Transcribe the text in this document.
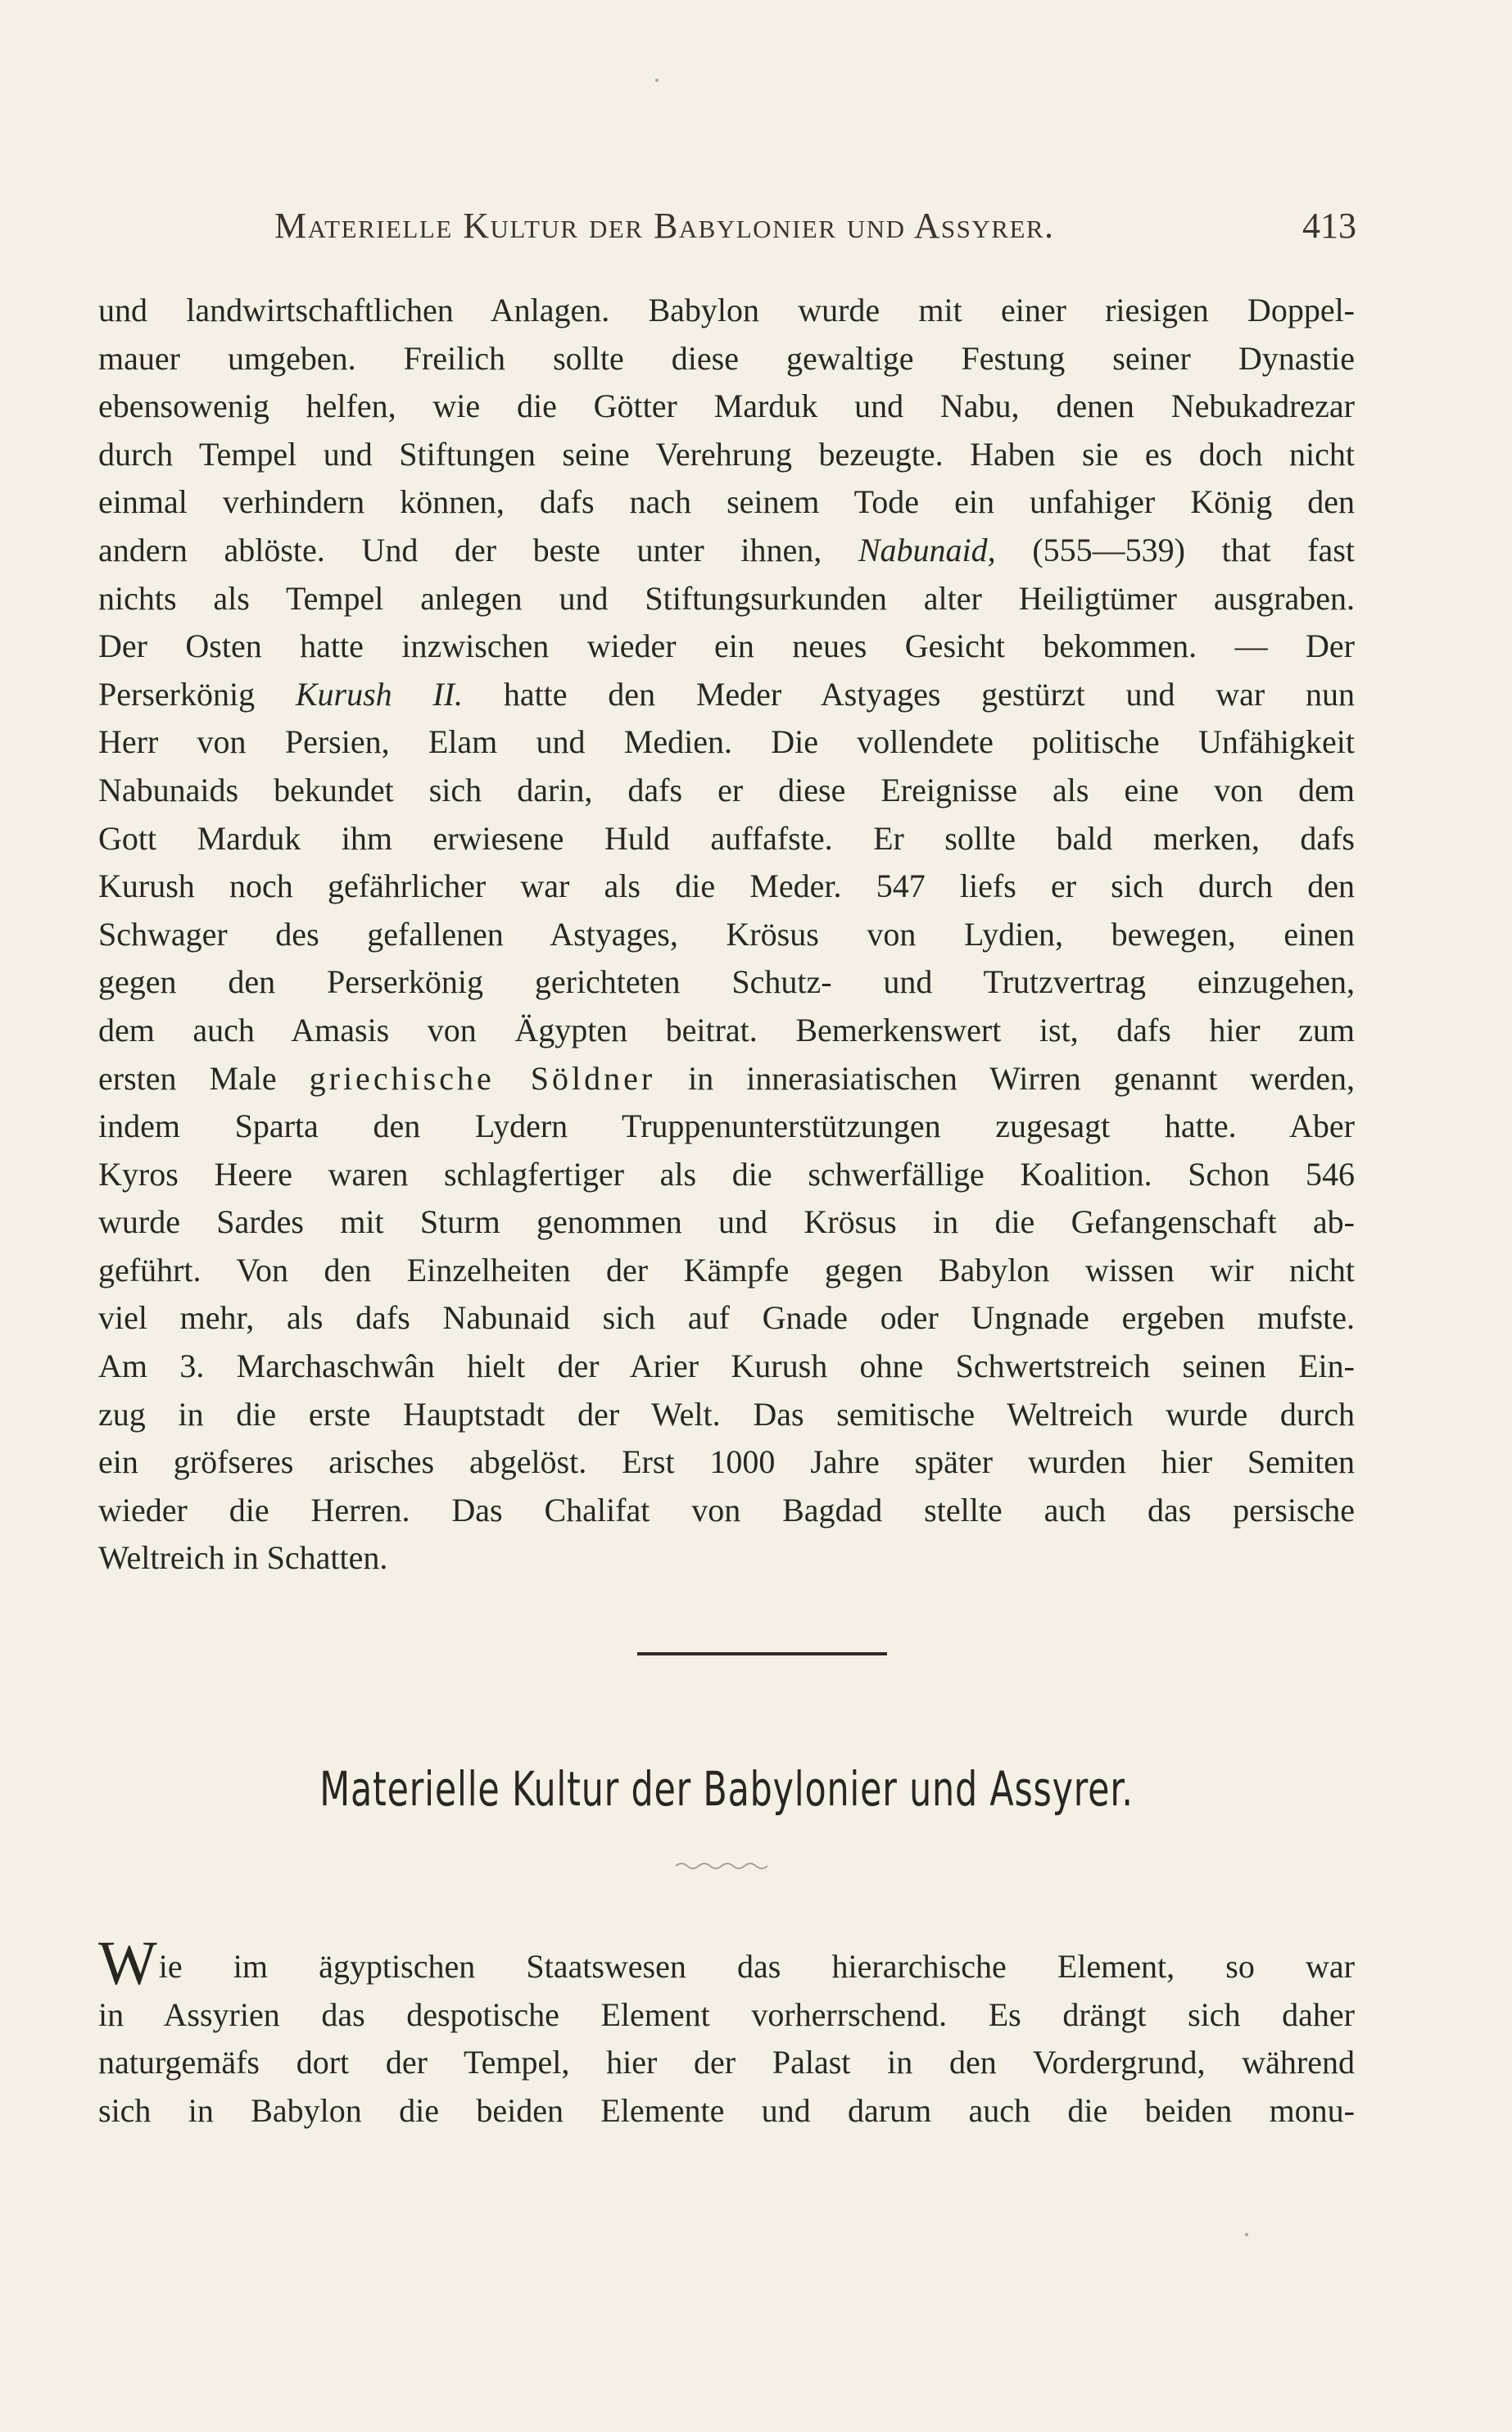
Materielle Kultur der Babylonier und Assyrer.	413
und landwirtschaftlichen Anlagen. Babylon wurde mit einer riesigen Doppel-
mauer umgeben. Freilich sollte diese gewaltige Festung seiner Dynastie
ebensowenig helfen, wie die Götter Marduk und Nabu, denen Nebukadrezar
durch Tempel und Stiftungen seine Verehrung bezeugte. Haben sie es doch nicht
einmal verhindern können, dafs nach seinem Tode ein unfahiger König den
andern ablöste. Und der beste unter ihnen, Nabunaid, (555—539) that fast
nichts als Tempel anlegen und Stiftungsurkunden alter Heiligtümer ausgraben.
Der Osten hatte inzwischen wieder ein neues Gesicht bekommen. — Der
Perserkönig Kurush II. hatte den Meder Astyages gestürzt und war nun
Herr von Persien, Elam und Medien. Die vollendete politische Unfähigkeit
Nabunaids bekundet sich darin, dafs er diese Ereignisse als eine von dem
Gott Marduk ihm erwiesene Huld auffafste. Er sollte bald merken, dafs
Kurush noch gefährlicher war als die Meder. 547 liefs er sich durch den
Schwager des gefallenen Astyages, Krösus von Lydien, bewegen, einen
gegen den Perserkönig gerichteten Schutz- und Trutzvertrag einzugehen,
dem auch Amasis von Ägypten beitrat. Bemerkenswert ist, dafs hier zum
ersten Male griechische Söldner in innerasiatischen Wirren genannt werden,
indem Sparta den Lydern Truppenunterstützungen zugesagt hatte. Aber
Kyros Heere waren schlagfertiger als die schwerfällige Koalition. Schon 546
wurde Sardes mit Sturm genommen und Krösus in die Gefangenschaft ab-
geführt. Von den Einzelheiten der Kämpfe gegen Babylon wissen wir nicht
viel mehr, als dafs Nabunaid sich auf Gnade oder Ungnade ergeben mufste.
Am 3. Marchaschwân hielt der Arier Kurush ohne Schwertstreich seinen Ein-
zug in die erste Hauptstadt der Welt. Das semitische Weltreich wurde durch
ein gröfseres arisches abgelöst. Erst 1000 Jahre später wurden hier Semiten
wieder die Herren. Das Chalifat von Bagdad stellte auch das persische
Weltreich in Schatten.
Materielle Kultur der Babylonier und Assyrer.
Wie im ägyptischen Staatswesen das hierarchische Element, so war
in Assyrien das despotische Element vorherrschend. Es drängt sich daher
naturgemäfs dort der Tempel, hier der Palast in den Vordergrund, während
sich in Babylon die beiden Elemente und darum auch die beiden monu-
